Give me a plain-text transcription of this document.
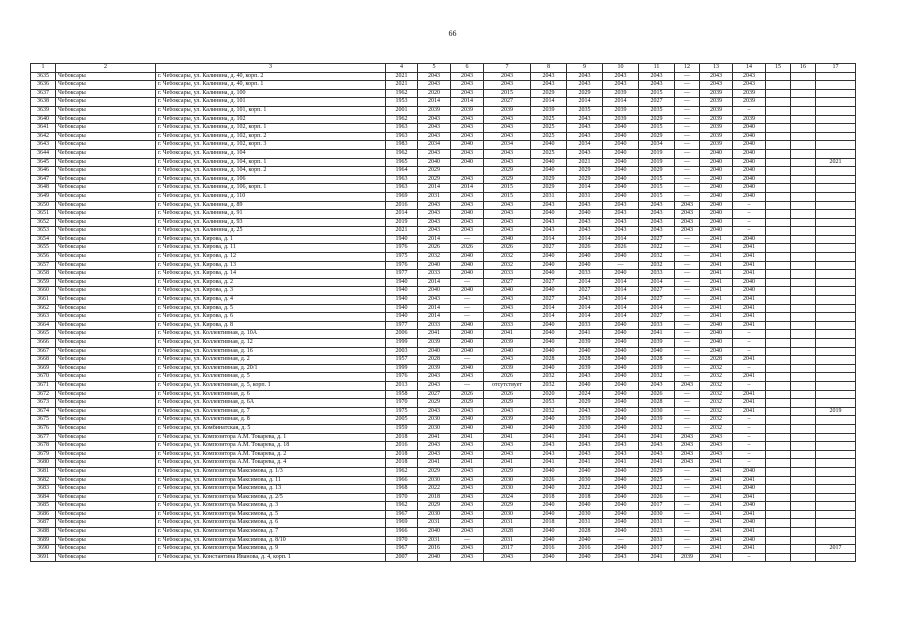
66
1	2	3	4	5	6	7	8	9	10	11	12	13	14	15	16	17
3635	Чебоксары	г. Чебоксары, ул. Калинина, д. 40, корп. 2	2021	2043	2043	2043	2043	2043	2043	2043	—	2043	2043			
3636	Чебоксары	г. Чебоксары, ул. Калинина, д. 40, корп. 1	2021	2043	2043	2043	2043	2043	2043	2043	—	2043	2043			
3637	Чебоксары	г. Чебоксары, ул. Калинина, д. 100	1962	2020	2043	2015	2029	2029	2039	2015	—	2039	2039			
3638	Чебоксары	г. Чебоксары, ул. Калинина, д. 101	1953	2014	2014	2027	2014	2014	2014	2027	—	2039	2039			
3639	Чебоксары	г. Чебоксары, ул. Калинина, д. 101, корп. 1	2001	2039	2039	2039	2039	2035	2039	2035	—	2039	–			
3640	Чебоксары	г. Чебоксары, ул. Калинина, д. 102	1962	2043	2043	2043	2025	2043	2039	2029	—	2039	2039			
3641	Чебоксары	г. Чебоксары, ул. Калинина, д. 102, корп. 1	1963	2043	2043	2043	2025	2043	2040	2015	—	2039	2040			
3642	Чебоксары	г. Чебоксары, ул. Калинина, д. 102, корп. 2	1963	2043	2043	2043	2025	2043	2040	2029	—	2039	2040			
3643	Чебоксары	г. Чебоксары, ул. Калинина, д. 102, корп. 3	1983	2034	2040	2034	2040	2034	2040	2034	—	2039	2040			
3644	Чебоксары	г. Чебоксары, ул. Калинина, д. 104	1962	2043	2043	2043	2025	2043	2040	2019	—	2040	2040			
3645	Чебоксары	г. Чебоксары, ул. Калинина, д. 104, корп. 1	1965	2040	2040	2043	2040	2021	2040	2019	—	2040	2040			2021
3646	Чебоксары	г. Чебоксары, ул. Калинина, д. 104, корп. 2	1964	2029		2029	2040	2029	2040	2029	—	2040	2040			
3647	Чебоксары	г. Чебоксары, ул. Калинина, д. 106	1963	2029	2043	2029	2029	2029	2040	2015	—	2040	2040			
3648	Чебоксары	г. Чебоксары, ул. Калинина, д. 106, корп. 1	1963	2014	2014	2015	2029	2014	2040	2015	—	2040	2040			
3649	Чебоксары	г. Чебоксары, ул. Калинина, д. 110	1969	2031	2043	2015	2031	2031	2040	2015	—	2040	2040			
3650	Чебоксары	г. Чебоксары, ул. Калинина, д. 89	2016	2043	2043	2043	2043	2043	2043	2043	2043	2040	–			
3651	Чебоксары	г. Чебоксары, ул. Калинина, д. 91	2014	2043	2040	2043	2040	2040	2043	2043	2043	2040	–			
3652	Чебоксары	г. Чебоксары, ул. Калинина, д. 93	2019	2043	2043	2043	2043	2043	2043	2043	2043	2040	–			
3653	Чебоксары	г. Чебоксары, ул. Калинина, д. 25	2021	2043	2043	2043	2043	2043	2043	2043	2043	2040	–			
3654	Чебоксары	г. Чебоксары, ул. Кирова, д. 1	1940	2014	—	2040	2014	2014	2014	2027	—	2041	2040			
3655	Чебоксары	г. Чебоксары, ул. Кирова, д. 11	1976	2026	2026	2026	2027	2026	2026	2022	—	2041	2041			
3656	Чебоксары	г. Чебоксары, ул. Кирова, д. 12	1975	2032	2040	2032	2040	2040	2040	2032	—	2041	2041			
3657	Чебоксары	г. Чебоксары, ул. Кирова, д. 13	1976	2040	2040	2032	2040	2040	—	2032	—	2041	2041			
3658	Чебоксары	г. Чебоксары, ул. Кирова, д. 14	1977	2033	2040	2033	2040	2033	2040	2033	—	2041	2041			
3659	Чебоксары	г. Чебоксары, ул. Кирова, д. 2	1940	2014	—	2027	2027	2014	2014	2014	—	2041	2040			
3660	Чебоксары	г. Чебоксары, ул. Кирова, д. 3	1940	2040	2040	2040	2040	2027	2014	2027	—	2041	2040			
3661	Чебоксары	г. Чебоксары, ул. Кирова, д. 4	1940	2043	—	2043	2027	2043	2014	2027	—	2041	2041			
3662	Чебоксары	г. Чебоксары, ул. Кирова, д. 5	1940	2014	—	2043	2014	2014	2014	2014	—	2041	2041			
3663	Чебоксары	г. Чебоксары, ул. Кирова, д. 6	1940	2014	—	2043	2014	2014	2014	2027	—	2041	2041			
3664	Чебоксары	г. Чебоксары, ул. Кирова, д. 8	1977	2033	2040	2033	2040	2033	2040	2033	—	2040	2041			
3665	Чебоксары	г. Чебоксары, ул. Коллективная, д. 10А	2006	2041	2040	2041	2040	2041	2040	2041	—	2040	–			
3666	Чебоксары	г. Чебоксары, ул. Коллективная, д. 12	1999	2039	2040	2039	2040	2039	2040	2039	—	2040	–			
3667	Чебоксары	г. Чебоксары, ул. Коллективная, д. 16	2003	2040	2040	2040	2040	2040	2040	2040	—	2040	–			
3668	Чебоксары	г. Чебоксары, ул. Коллективная, д. 2	1957	2028	—	2043	2028	2028	2040	2028	—	2028	2041			
3669	Чебоксары	г. Чебоксары, ул. Коллективная, д. 20/1	1999	2039	2040	2039	2040	2039	2040	2039	—	2032	–			
3670	Чебоксары	г. Чебоксары, ул. Коллективная, д. 5	1976	2043	2043	2026	2032	2043	2040	2032	—	2032	2041			
3671	Чебоксары	г. Чебоксары, ул. Коллективная, д. 5, корп. 1	2013	2043	—	отсутствует	2032	2040	2040	2043	2043	2032	–			
3672	Чебоксары	г. Чебоксары, ул. Коллективная, д. 6	1958	2027	2026	2026	2020	2024	2040	2026	—	2032	2041			
3673	Чебоксары	г. Чебоксары, ул. Коллективная, д. 6А	1970	2029	2029	2029	2053	2029	2040	2028	—	2032	2041			
3674	Чебоксары	г. Чебоксары, ул. Коллективная, д. 7	1975	2043	2043	2043	2032	2043	2040	2030	—	2032	2041			2019
3675	Чебоксары	г. Чебоксары, ул. Коллективная, д. 8	2005	2030	2040	2039	2040	2039	2040	2039	—	2032	–			
3676	Чебоксары	г. Чебоксары, ул. Комбинатская, д. 5	1959	2030	2040	2040	2040	2030	2040	2032	—	2032	–			
3677	Чебоксары	г. Чебоксары, ул. Композитора А.М. Токарева, д. 1	2018	2041	2041	2041	2041	2041	2041	2041	2043	2043	–			
3678	Чебоксары	г. Чебоксары, ул. Композитора А.М. Токарева, д. 18	2016	2043	2043	2043	2043	2043	2043	2043	2043	2043	–			
3679	Чебоксары	г. Чебоксары, ул. Композитора А.М. Токарева, д. 2	2018	2043	2043	2043	2043	2043	2043	2043	2043	2043	–			
3680	Чебоксары	г. Чебоксары, ул. Композитора А.М. Токарева, д. 4	2018	2041	2041	2041	2041	2041	2041	2041	2043	2041	–			
3681	Чебоксары	г. Чебоксары, ул. Композитора Максимова, д. 1/3	1962	2029	2043	2029	2040	2040	2040	2029	—	2041	2040			
3682	Чебоксары	г. Чебоксары, ул. Композитора Максимова, д. 11	1966	2030	2043	2030	2026	2030	2040	2025	—	2041	2041			
3683	Чебоксары	г. Чебоксары, ул. Композитора Максимова, д. 13	1968	2022	2043	2030	2040	2022	2040	2022	—	2041	2040			
3684	Чебоксары	г. Чебоксары, ул. Композитора Максимова, д. 2/5	1970	2018	2043	2024	2018	2018	2040	2026	—	2041	2041			
3685	Чебоксары	г. Чебоксары, ул. Композитора Максимова, д. 3	1962	2029	2043	2029	2040	2040	2040	2017	—	2041	2040			
3686	Чебоксары	г. Чебоксары, ул. Композитора Максимова, д. 5	1967	2030	2043	2030	2040	2030	2040	2030	—	2041	2041			
3687	Чебоксары	г. Чебоксары, ул. Композитора Максимова, д. 6	1969	2031	2043	2031	2018	2031	2040	2031	—	2041	2040			
3688	Чебоксары	г. Чебоксары, ул. Композитора Максимова, д. 7	1966	2040	2043	2028	2040	2028	2040	2023	—	2041	2041			
3689	Чебоксары	г. Чебоксары, ул. Композитора Максимова, д. 8/10	1970	2031	—	2031	2040	2040	—	2031	—	2041	2040			
3690	Чебоксары	г. Чебоксары, ул. Композитора Максимова, д. 9	1967	2016	2043	2017	2016	2016	2040	2017	—	2041	2041			2017
3691	Чебоксары	г. Чебоксары, ул. Константина Иванова, д. 4, корп. 1	2007	2040	2043	2043	2040	2040	2043	2041	2039	2041	–			
